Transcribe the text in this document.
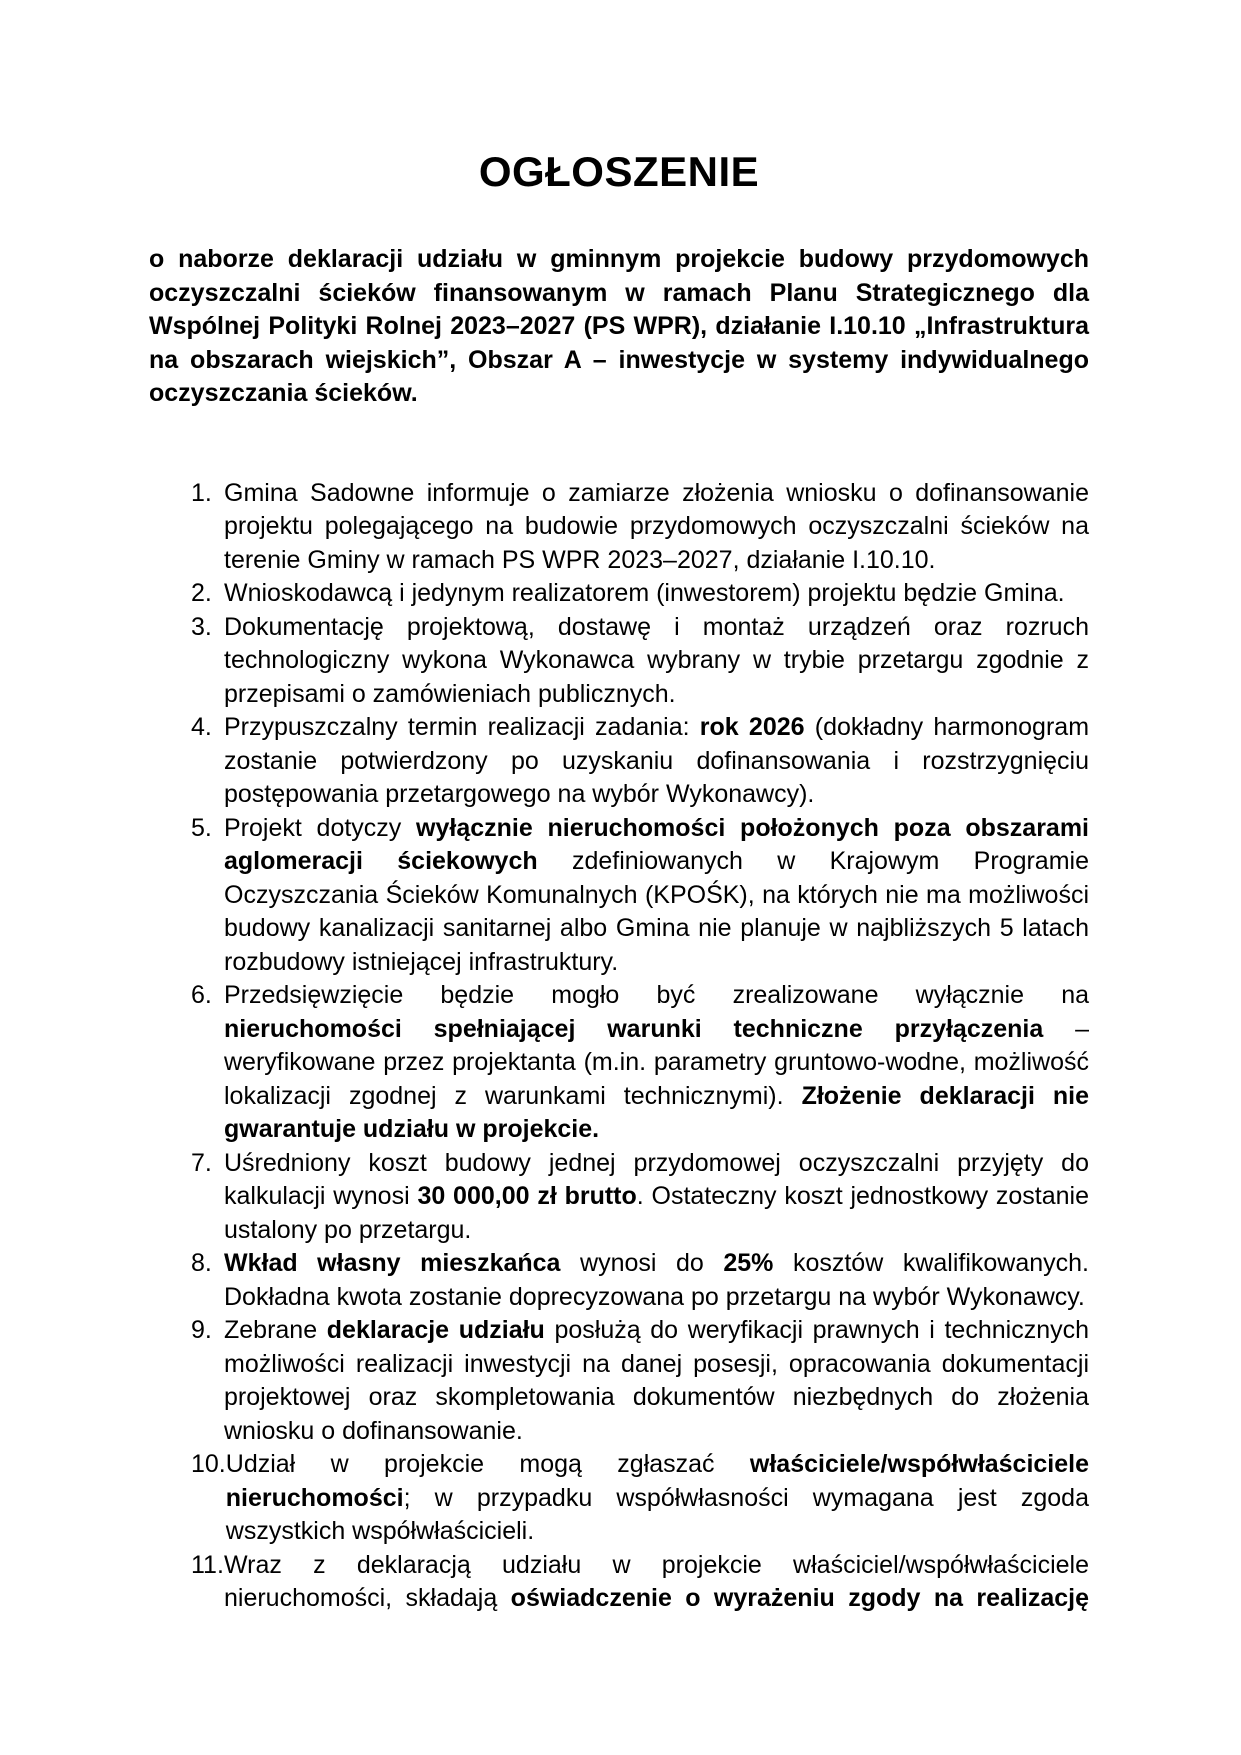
OGŁOSZENIE

o naborze deklaracji udziału w gminnym projekcie budowy przydomowych oczyszczalni ścieków finansowanym w ramach Planu Strategicznego dla Wspólnej Polityki Rolnej 2023–2027 (PS WPR), działanie I.10.10 „Infrastruktura na obszarach wiejskich”, Obszar A – inwestycje w systemy indywidualnego oczyszczania ścieków.

1. Gmina Sadowne informuje o zamiarze złożenia wniosku o dofinansowanie projektu polegającego na budowie przydomowych oczyszczalni ścieków na terenie Gminy w ramach PS WPR 2023–2027, działanie I.10.10.
2. Wnioskodawcą i jedynym realizatorem (inwestorem) projektu będzie Gmina.
3. Dokumentację projektową, dostawę i montaż urządzeń oraz rozruch technologiczny wykona Wykonawca wybrany w trybie przetargu zgodnie z przepisami o zamówieniach publicznych.
4. Przypuszczalny termin realizacji zadania: rok 2026 (dokładny harmonogram zostanie potwierdzony po uzyskaniu dofinansowania i rozstrzygnięciu postępowania przetargowego na wybór Wykonawcy).
5. Projekt dotyczy wyłącznie nieruchomości położonych poza obszarami aglomeracji ściekowych zdefiniowanych w Krajowym Programie Oczyszczania Ścieków Komunalnych (KPOŚK), na których nie ma możliwości budowy kanalizacji sanitarnej albo Gmina nie planuje w najbliższych 5 latach rozbudowy istniejącej infrastruktury.
6. Przedsięwzięcie będzie mogło być zrealizowane wyłącznie na nieruchomości spełniającej warunki techniczne przyłączenia – weryfikowane przez projektanta (m.in. parametry gruntowo-wodne, możliwość lokalizacji zgodnej z warunkami technicznymi). Złożenie deklaracji nie gwarantuje udziału w projekcie.
7. Uśredniony koszt budowy jednej przydomowej oczyszczalni przyjęty do kalkulacji wynosi 30 000,00 zł brutto. Ostateczny koszt jednostkowy zostanie ustalony po przetargu.
8. Wkład własny mieszkańca wynosi do 25% kosztów kwalifikowanych. Dokładna kwota zostanie doprecyzowana po przetargu na wybór Wykonawcy.
9. Zebrane deklaracje udziału posłużą do weryfikacji prawnych i technicznych możliwości realizacji inwestycji na danej posesji, opracowania dokumentacji projektowej oraz skompletowania dokumentów niezbędnych do złożenia wniosku o dofinansowanie.
10. Udział w projekcie mogą zgłaszać właściciele/współwłaściciele nieruchomości; w przypadku współwłasności wymagana jest zgoda wszystkich współwłaścicieli.
11. Wraz z deklaracją udziału w projekcie właściciel/współwłaściciele nieruchomości, składają oświadczenie o wyrażeniu zgody na realizację
